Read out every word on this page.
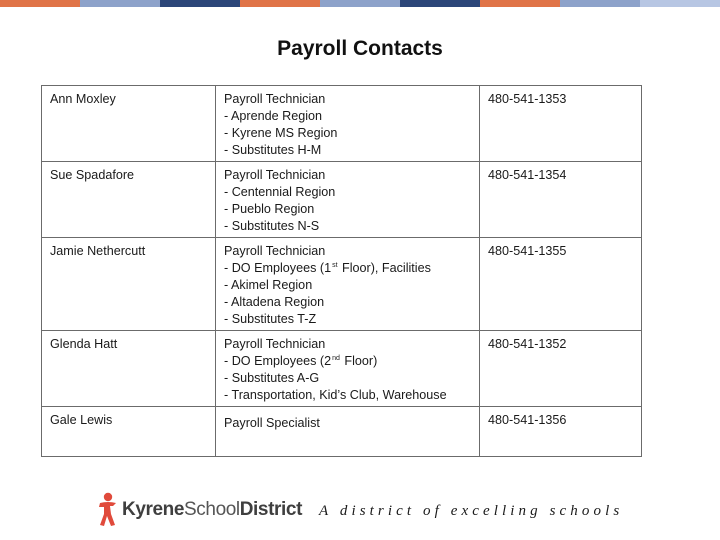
Payroll Contacts
Ann Moxley	Payroll Technician
- Aprende Region
- Kyrene MS Region
- Substitutes H-M	480-541-1353
Sue Spadafore	Payroll Technician
- Centennial Region
- Pueblo Region
- Substitutes N-S	480-541-1354
Jamie Nethercutt	Payroll Technician
- DO Employees (1st Floor), Facilities
- Akimel Region
- Altadena Region
- Substitutes T-Z	480-541-1355
Glenda Hatt	Payroll Technician
- DO Employees (2nd Floor)
- Substitutes A-G
- Transportation, Kid’s Club, Warehouse	480-541-1352
Gale Lewis	Payroll Specialist	480-541-1356
KyreneSchoolDistrict A district of excelling schools
